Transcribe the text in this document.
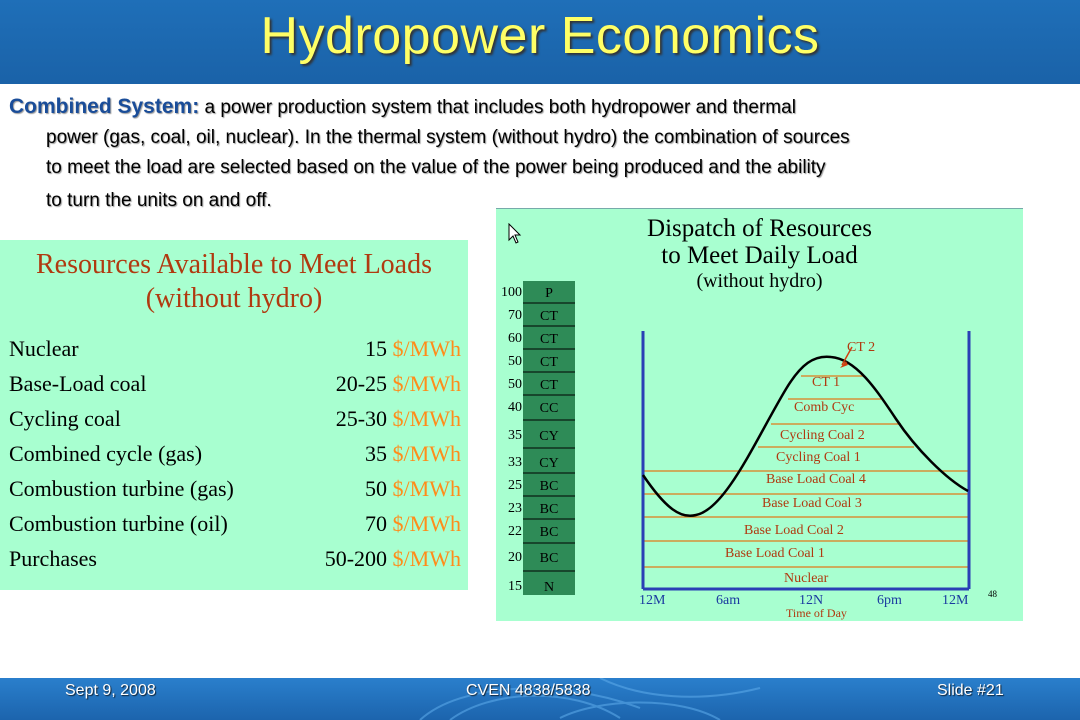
Hydropower Economics
Combined System: a power production system that includes both hydropower and thermal
power (gas, coal, oil, nuclear). In the thermal system (without hydro) the combination of sources
to meet the load are selected based on the value of the power being produced and the ability
to turn the units on and off.
Resources Available to Meet Loads
(without hydro)
Nuclear	15 $/MWh
Base-Load coal	20-25 $/MWh
Cycling coal	25-30 $/MWh
Combined cycle (gas)	35 $/MWh
Combustion turbine (gas)	50 $/MWh
Combustion turbine (oil)	70 $/MWh
Purchases	50-200 $/MWh
Dispatch of Resources
to Meet Daily Load
(without hydro)
100	P
70	CT
60	CT
50	CT
50	CT
40	CC
35	CY
33	CY
25	BC
23	BC
22	BC
20	BC
15	N
CT 2
CT 1
Comb Cyc
Cycling Coal 2
Cycling Coal 1
Base Load Coal 4
Base Load Coal 3
Base Load Coal 2
Base Load Coal 1
Nuclear
12M	6am	12N	6pm	12M
Time of Day
48
Sept 9, 2008	CVEN 4838/5838	Slide #21
